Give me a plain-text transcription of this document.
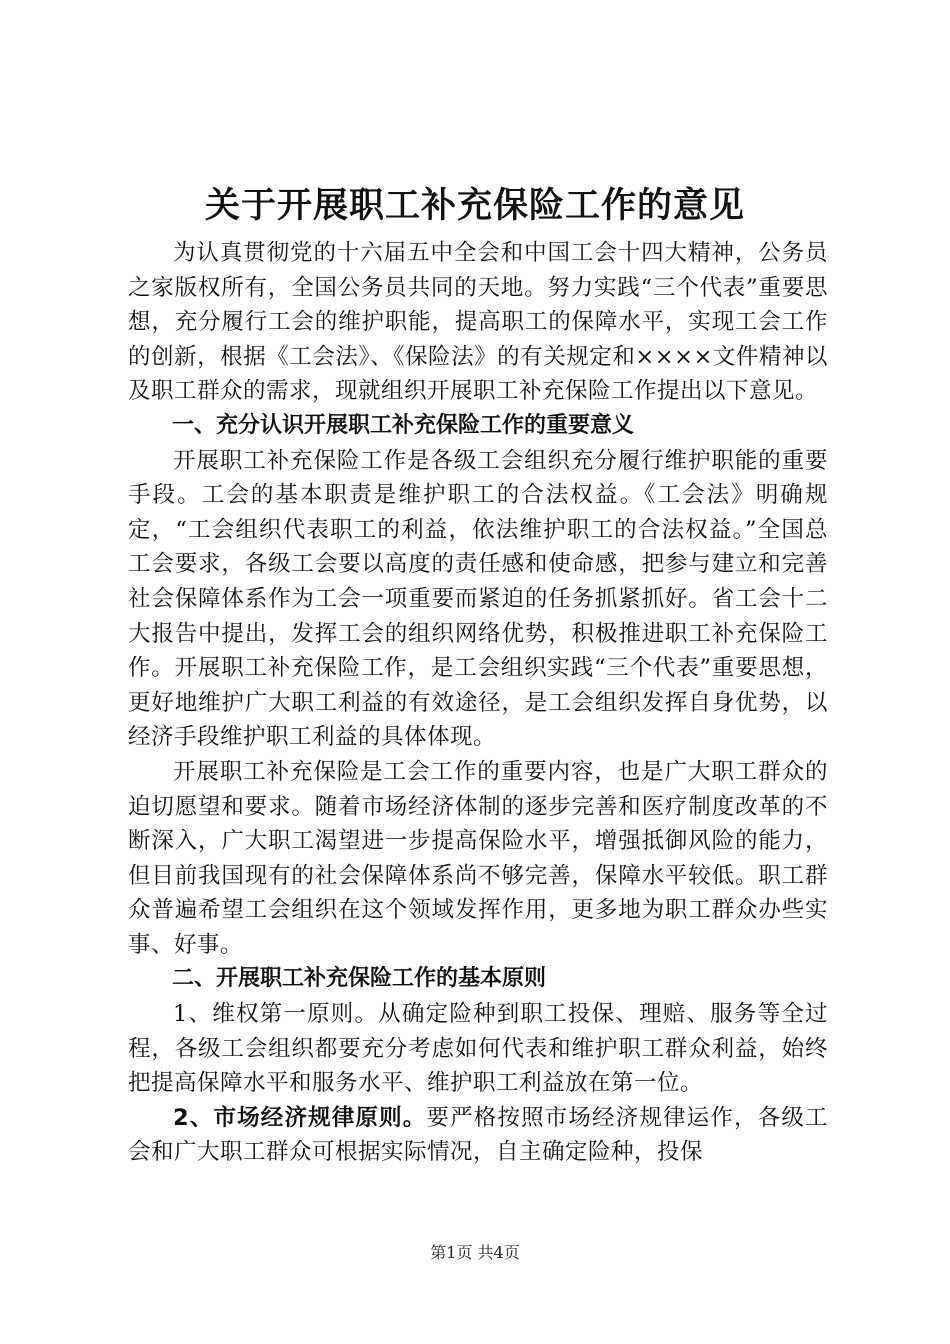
关于开展职工补充保险工作的意见

为认真贯彻党的十六届五中全会和中国工会十四大精神，公务员之家版权所有，全国公务员共同的天地。努力实践“三个代表”重要思想，充分履行工会的维护职能，提高职工的保障水平，实现工会工作的创新，根据《工会法》、《保险法》的有关规定和××××文件精神以及职工群众的需求，现就组织开展职工补充保险工作提出以下意见。

一、充分认识开展职工补充保险工作的重要意义

开展职工补充保险工作是各级工会组织充分履行维护职能的重要手段。工会的基本职责是维护职工的合法权益。《工会法》明确规定，“工会组织代表职工的利益，依法维护职工的合法权益。”全国总工会要求，各级工会要以高度的责任感和使命感，把参与建立和完善社会保障体系作为工会一项重要而紧迫的任务抓紧抓好。省工会十二大报告中提出，发挥工会的组织网络优势，积极推进职工补充保险工作。开展职工补充保险工作，是工会组织实践“三个代表”重要思想，更好地维护广大职工利益的有效途径，是工会组织发挥自身优势，以经济手段维护职工利益的具体体现。

开展职工补充保险是工会工作的重要内容，也是广大职工群众的迫切愿望和要求。随着市场经济体制的逐步完善和医疗制度改革的不断深入，广大职工渴望进一步提高保险水平，增强抵御风险的能力，但目前我国现有的社会保障体系尚不够完善，保障水平较低。职工群众普遍希望工会组织在这个领域发挥作用，更多地为职工群众办些实事、好事。

二、开展职工补充保险工作的基本原则

1、维权第一原则。从确定险种到职工投保、理赔、服务等全过程，各级工会组织都要充分考虑如何代表和维护职工群众利益，始终把提高保障水平和服务水平、维护职工利益放在第一位。

2、市场经济规律原则。要严格按照市场经济规律运作，各级工会和广大职工群众可根据实际情况，自主确定险种，投保

第1页 共4页
